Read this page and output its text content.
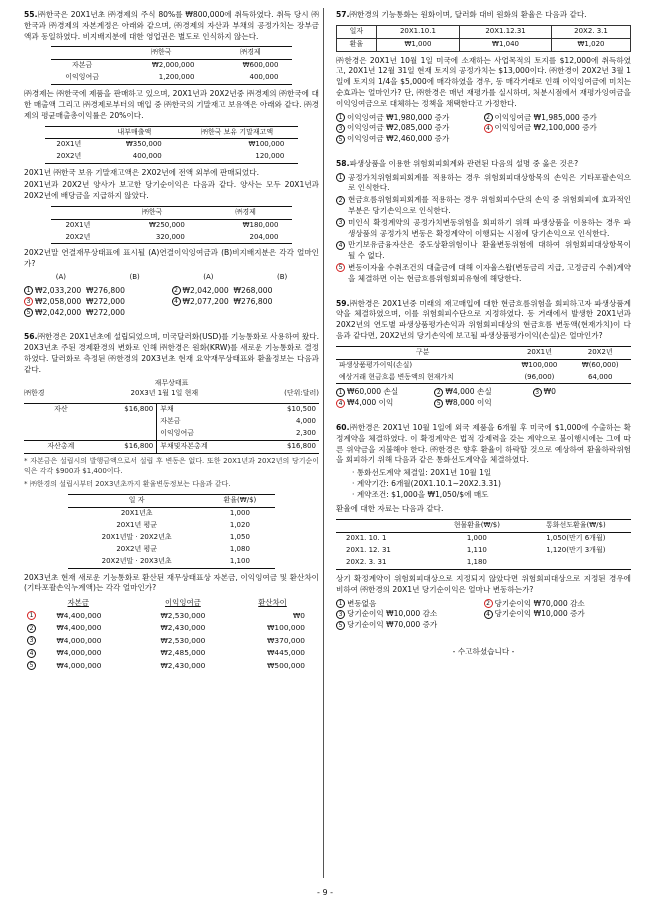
55.㈜한국은 20X1년초 ㈜경제의 주식 80%를 ₩800,000에 취득하였다. 취득 당시 ㈜한국과 ㈜경제의 자본계정은 아래와 같으며, ㈜경제의 자산과 부채의 공정가치는 장부금액과 동일하였다. 비지배지분에 대한 영업권은 별도로 인식하지 않는다.
	㈜한국	㈜경제
자본금	₩2,000,000	₩600,000
이익잉여금	1,200,000	400,000

㈜경제는 ㈜한국에 제품을 판매하고 있으며, 20X1년과 20X2년중 ㈜경제의 ㈜한국에 대한 매출액 그리고 ㈜경제로부터의 매입 중 ㈜한국의 기말재고 보유액은 아래와 같다. ㈜경제의 평균매출총이익률은 20%이다.

	내부매출액	㈜한국 보유 기말재고액
20X1년	₩350,000	₩100,000
20X2년	400,000	120,000

20X1년 ㈜한국 보유 기말재고액은 2X02년에 전액 외부에 판매되었다.

20X1년과 20X2년 양사가 보고한 당기순이익은 다음과 같다. 양사는 모두 20X1년과 20X2년에 배당금을 지급하지 않았다.

	㈜한국	㈜경제
20X1년	₩250,000	₩180,000
20X2년	320,000	204,000

20X2년말 연결재무상태표에 표시될 (A)연결이익잉여금과 (B)비지배지분은 각각 얼마인가?

(A)	(B)	(A)	(B)
1 ₩2,033,200 ₩276,800	2 ₩2,042,000 ₩268,000
3 ₩2,058,000 ₩272,000	4 ₩2,077,200 ₩276,800
5 ₩2,042,000 ₩272,000
56.㈜한경은 20X1년초에 설립되었으며, 미국달러화(USD)를 기능통화로 사용하여 왔다. 20X3년초 주된 경제환경의 변화로 인해 ㈜한경은 원화(KRW)를 새로운 기능통화로 결정하였다. 달러화로 측정된 ㈜한경의 20X3년초 현재 요약재무상태표와 환율정보는 다음과 같다.
재무상태표
㈜한경	20X3년 1월 1일 현재	(단위:달러)
자산	$16,800	부채	$10,500
		자본금	4,000
		이익잉여금	2,300
자산총계	$16,800	부채및자본총계	$16,800
* 자본금은 설립시의 발행금액으로서 설립 후 변동은 없다. 또한 20X1년과 20X2년의 당기순이익은 각각 $900과 $1,400이다.
* ㈜한경의 설립시부터 20X3년초까지 환율변동정보는 다음과 같다.
일 자	환율(₩/$)
20X1년초	1,000
20X1년 평균	1,020
20X1년말 · 20X2년초	1,050
20X2년 평균	1,080
20X2년말 · 20X3년초	1,100

20X3년초 현재 새로운 기능통화로 환산된 재무상태표상 자본금, 이익잉여금 및 환산차이(기타포괄손익누계액)는 각각 얼마인가?

	자본금	이익잉여금	환산차이
1	₩4,400,000	₩2,530,000	₩0
2	₩4,400,000	₩2,430,000	₩100,000
3	₩4,000,000	₩2,530,000	₩370,000
4	₩4,000,000	₩2,485,000	₩445,000
5	₩4,000,000	₩2,430,000	₩500,000
57.㈜한경의 기능통화는 원화이며, 달러화 대비 원화의 환율은 다음과 같다.
일자	20X1.10.1	20X1.12.31	20X2. 3.1
환율	₩1,000	₩1,040	₩1,020

㈜한경은 20X1년 10월 1일 미국에 소재하는 사업목적의 토지를 $12,000에 취득하였고, 20X1년 12월 31일 현재 토지의 공정가치는 $13,000이다. ㈜한경이 20X2년 3월 1일에 토지의 1/4을 $5,000에 매각하였을 경우, 동 매각거래로 인해 이익잉여금에 미치는 순효과는 얼마인가? 단, ㈜한경은 매년 재평가를 실시하며, 처분시점에서 재평가잉여금을 이익잉여금으로 대체하는 정책을 채택한다고 가정한다.

1 이익잉여금 ₩1,980,000 증가	2 이익잉여금 ₩1,985,000 증가
3 이익잉여금 ₩2,085,000 증가	4 이익잉여금 ₩2,100,000 증가
5 이익잉여금 ₩2,460,000 증가
58.파생상품을 이용한 위험회피회계와 관련된 다음의 설명 중 옳은 것은?
1 공정가치위험회피회계를 적용하는 경우 위험회피대상항목의 손익은 기타포괄손익으로 인식한다.
2 현금흐름위험회피회계를 적용하는 경우 위험회피수단의 손익 중 위험회피에 효과적인 부분은 당기손익으로 인식한다.
3 미인식 확정계약의 공정가치변동위험을 회피하기 위해 파생상품을 이용하는 경우 파생상품의 공정가치 변동은 확정계약이 이행되는 시점에 당기손익으로 인식한다.
4 만기보유금융자산은 중도상환위험이나 환율변동위험에 대하여 위험회피대상항목이 될 수 없다.
5 변동이자율 수취조건의 대출금에 대해 이자율스왑(변동금리 지급, 고정금리 수취)계약을 체결하면 이는 현금흐름위험회피유형에 해당한다.
59.㈜한경은 20X1년중 미래의 재고매입에 대한 현금흐름위험을 회피하고자 파생상품계약을 체결하였으며, 이를 위험회피수단으로 지정하였다. 동 거래에서 발생한 20X1년과 20X2년의 연도별 파생상품평가손익과 위험회피대상의 현금흐름 변동액(현재가치)이 다음과 같다면, 20X2년의 당기손익에 보고될 파생상품평가이익(손실)은 얼마인가?
구분	20X1년	20X2년
파생상품평가이익(손실)	₩100,000	₩(60,000)
예상거래 현금흐름 변동액의 현재가치	(96,000)	64,000
1 ₩60,000 손실	2 ₩4,000 손실	3 ₩0
4 ₩4,000 이익	5 ₩8,000 이익
60.㈜한경은 20X1년 10월 1일에 외국 제품을 6개월 후 미국에 $1,000에 수출하는 확정계약을 체결하였다. 이 확정계약은 법적 강제력을 갖는 계약으로 불이행시에는 그에 따른 위약금을 지불해야 한다. ㈜한경은 향후 환율이 하락할 것으로 예상하여 환율하락위험을 회피하기 위해 다음과 같은 통화선도계약을 체결하였다.
· 통화선도계약 체결일: 20X1년 10월 1일
· 계약기간: 6개월(20X1.10.1~20X2.3.31)
· 계약조건: $1,000을 ₩1,050/$에 매도

환율에 대한 자료는 다음과 같다.

	현물환율(₩/$)	통화선도환율(₩/$)
20X1. 10. 1	1,000	1,050(만기 6개월)
20X1. 12. 31	1,110	1,120(만기 3개월)
20X2. 3. 31	1,180	

상기 확정계약이 위험회피대상으로 지정되지 않았다면 위험회피대상으로 지정된 경우에 비하여 ㈜한경의 20X1년 당기순이익은 얼마나 변동하는가?

1 변동없음	2 당기순이익 ₩70,000 감소
3 당기순이익 ₩10,000 감소	4 당기순이익 ₩10,000 증가
5 당기순이익 ₩70,000 증가
- 수고하셨습니다 -
- 9 -
